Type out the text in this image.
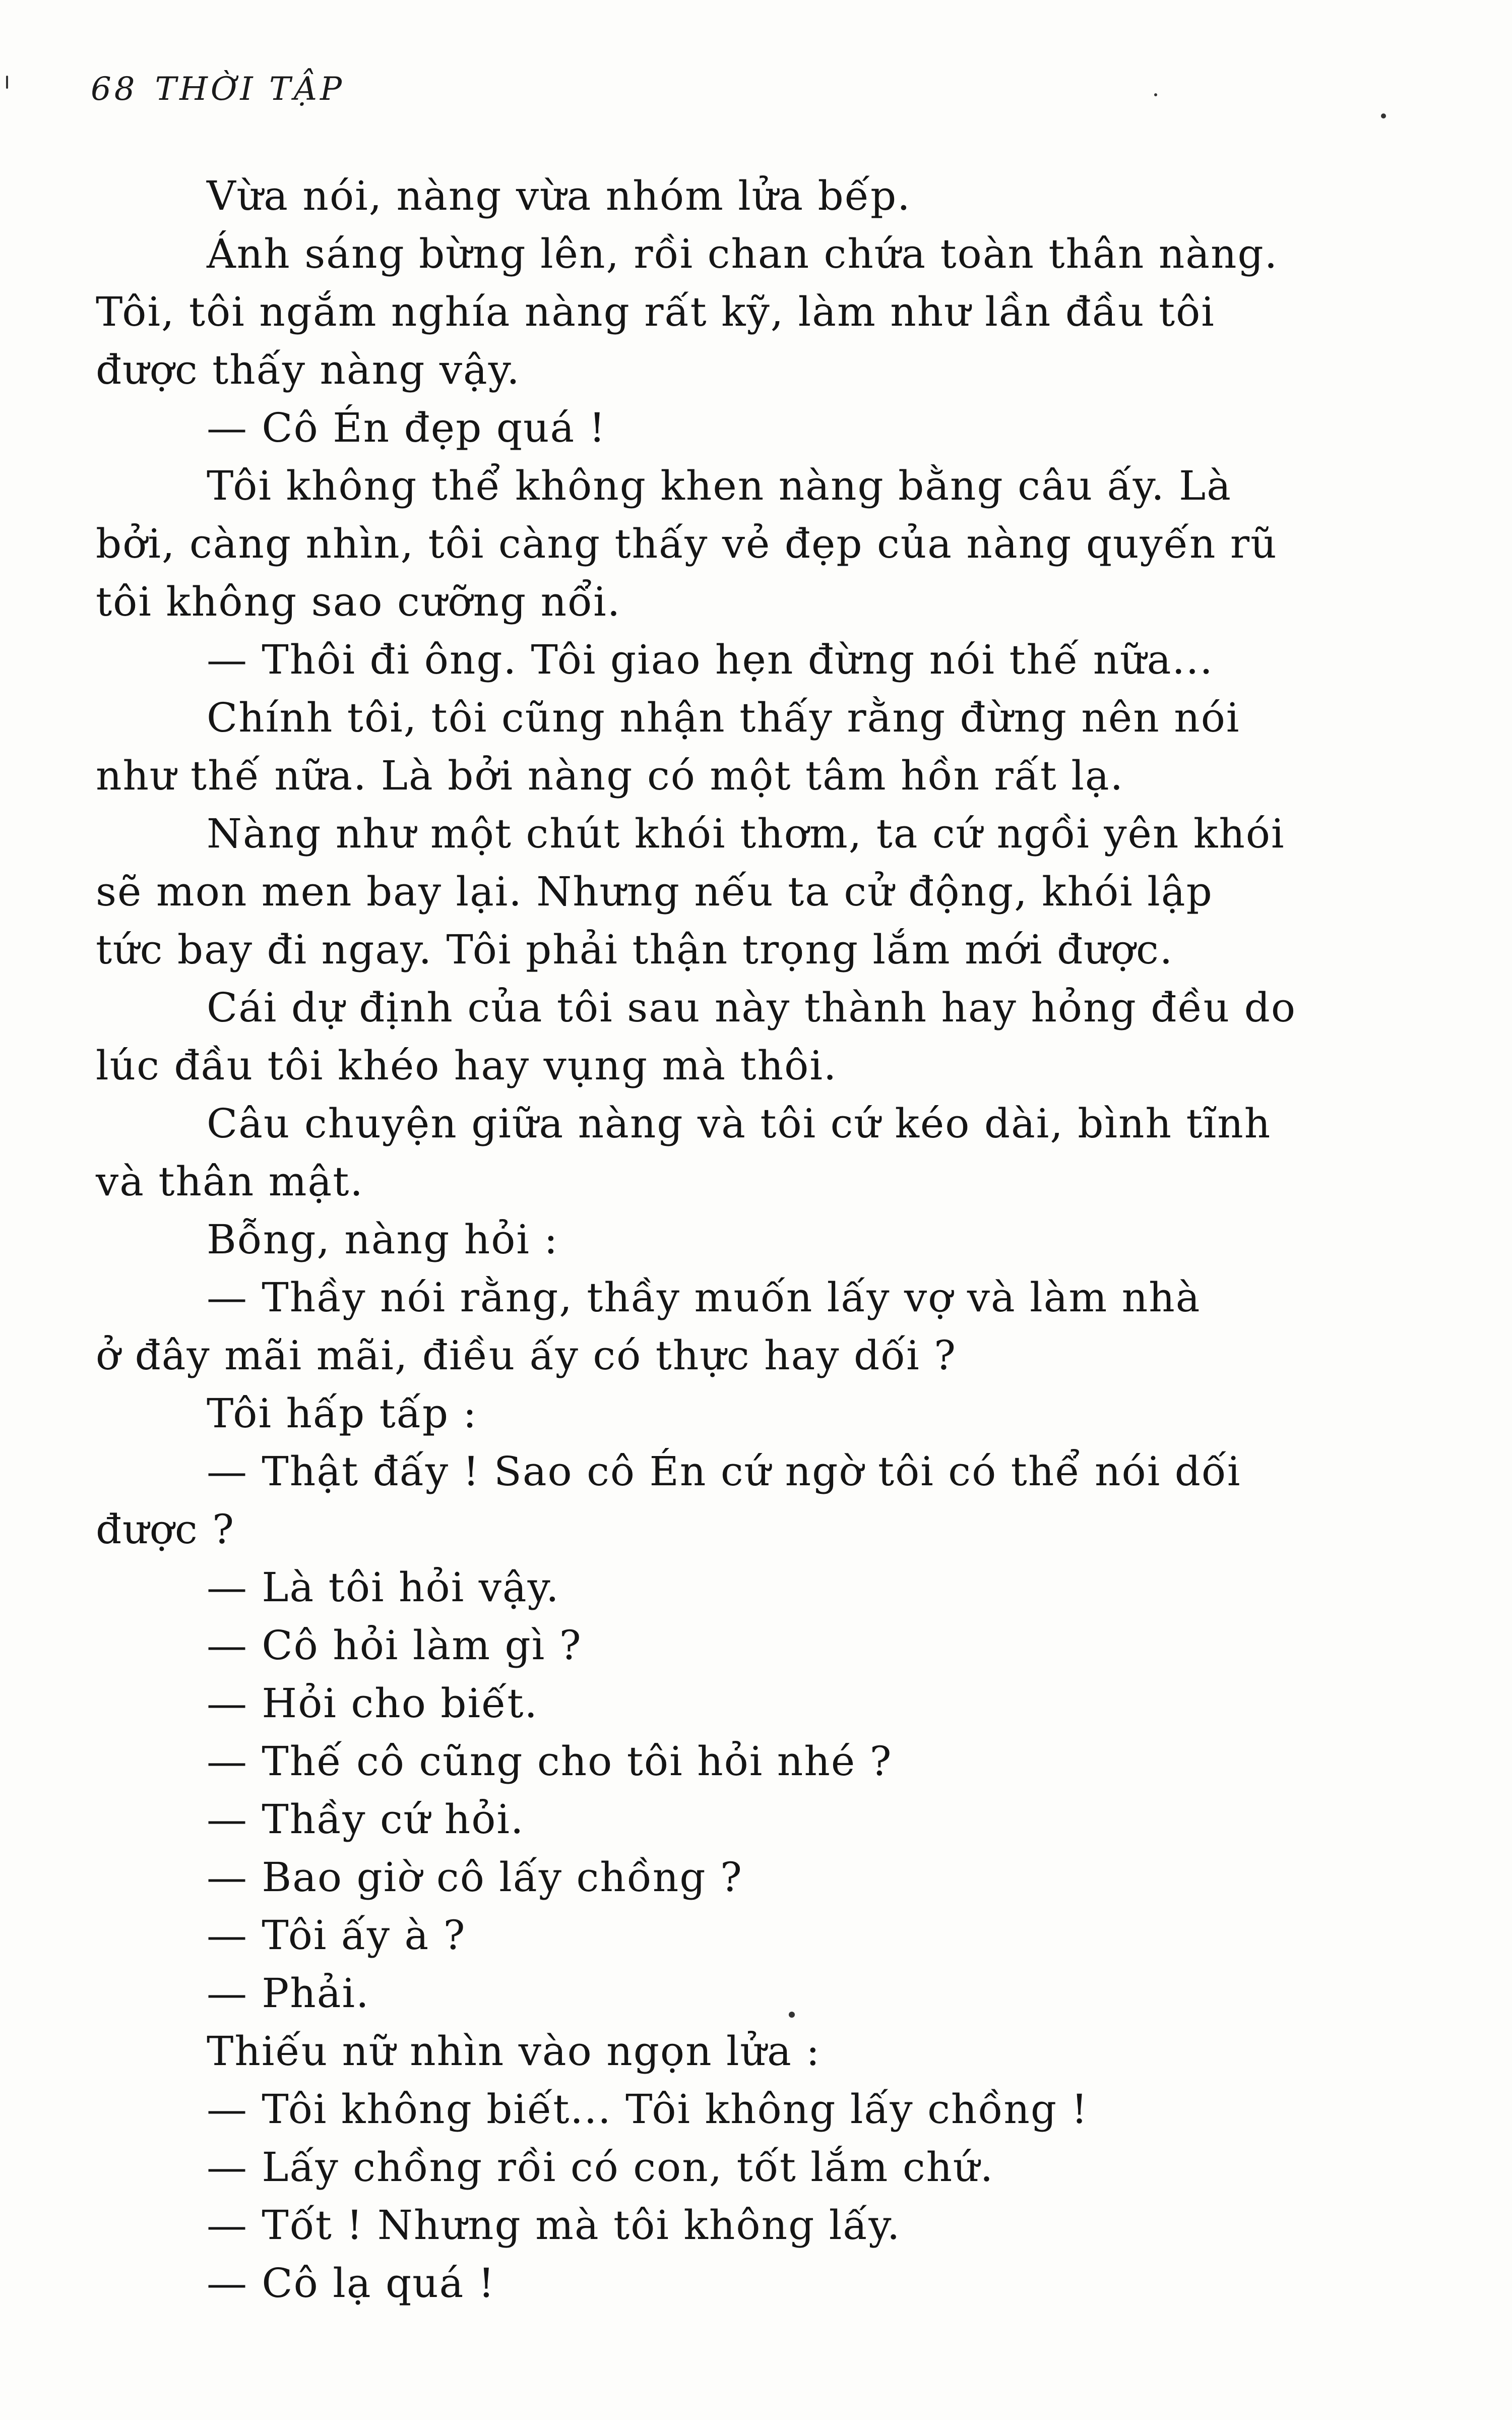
68 THỜI TẬP
Vừa nói, nàng vừa nhóm lửa bếp.
Ánh sáng bừng lên, rồi chan chứa toàn thân nàng.
Tôi, tôi ngắm nghía nàng rất kỹ, làm như lần đầu tôi
được thấy nàng vậy.
— Cô Én đẹp quá !
Tôi không thể không khen nàng bằng câu ấy. Là
bởi, càng nhìn, tôi càng thấy vẻ đẹp của nàng quyến rũ
tôi không sao cưỡng nổi.
— Thôi đi ông. Tôi giao hẹn đừng nói thế nữa...
Chính tôi, tôi cũng nhận thấy rằng đừng nên nói
như thế nữa. Là bởi nàng có một tâm hồn rất lạ.
Nàng như một chút khói thơm, ta cứ ngồi yên khói
sẽ mon men bay lại. Nhưng nếu ta cử động, khói lập
tức bay đi ngay. Tôi phải thận trọng lắm mới được.
Cái dự định của tôi sau này thành hay hỏng đều do
lúc đầu tôi khéo hay vụng mà thôi.
Câu chuyện giữa nàng và tôi cứ kéo dài, bình tĩnh
và thân mật.
Bỗng, nàng hỏi :
— Thầy nói rằng, thầy muốn lấy vợ và làm nhà
ở đây mãi mãi, điều ấy có thực hay dối ?
Tôi hấp tấp :
— Thật đấy ! Sao cô Én cứ ngờ tôi có thể nói dối
được ?
— Là tôi hỏi vậy.
— Cô hỏi làm gì ?
— Hỏi cho biết.
— Thế cô cũng cho tôi hỏi nhé ?
— Thầy cứ hỏi.
— Bao giờ cô lấy chồng ?
— Tôi ấy à ?
— Phải.
Thiếu nữ nhìn vào ngọn lửa :
— Tôi không biết... Tôi không lấy chồng !
— Lấy chồng rồi có con, tốt lắm chứ.
— Tốt ! Nhưng mà tôi không lấy.
— Cô lạ quá !
